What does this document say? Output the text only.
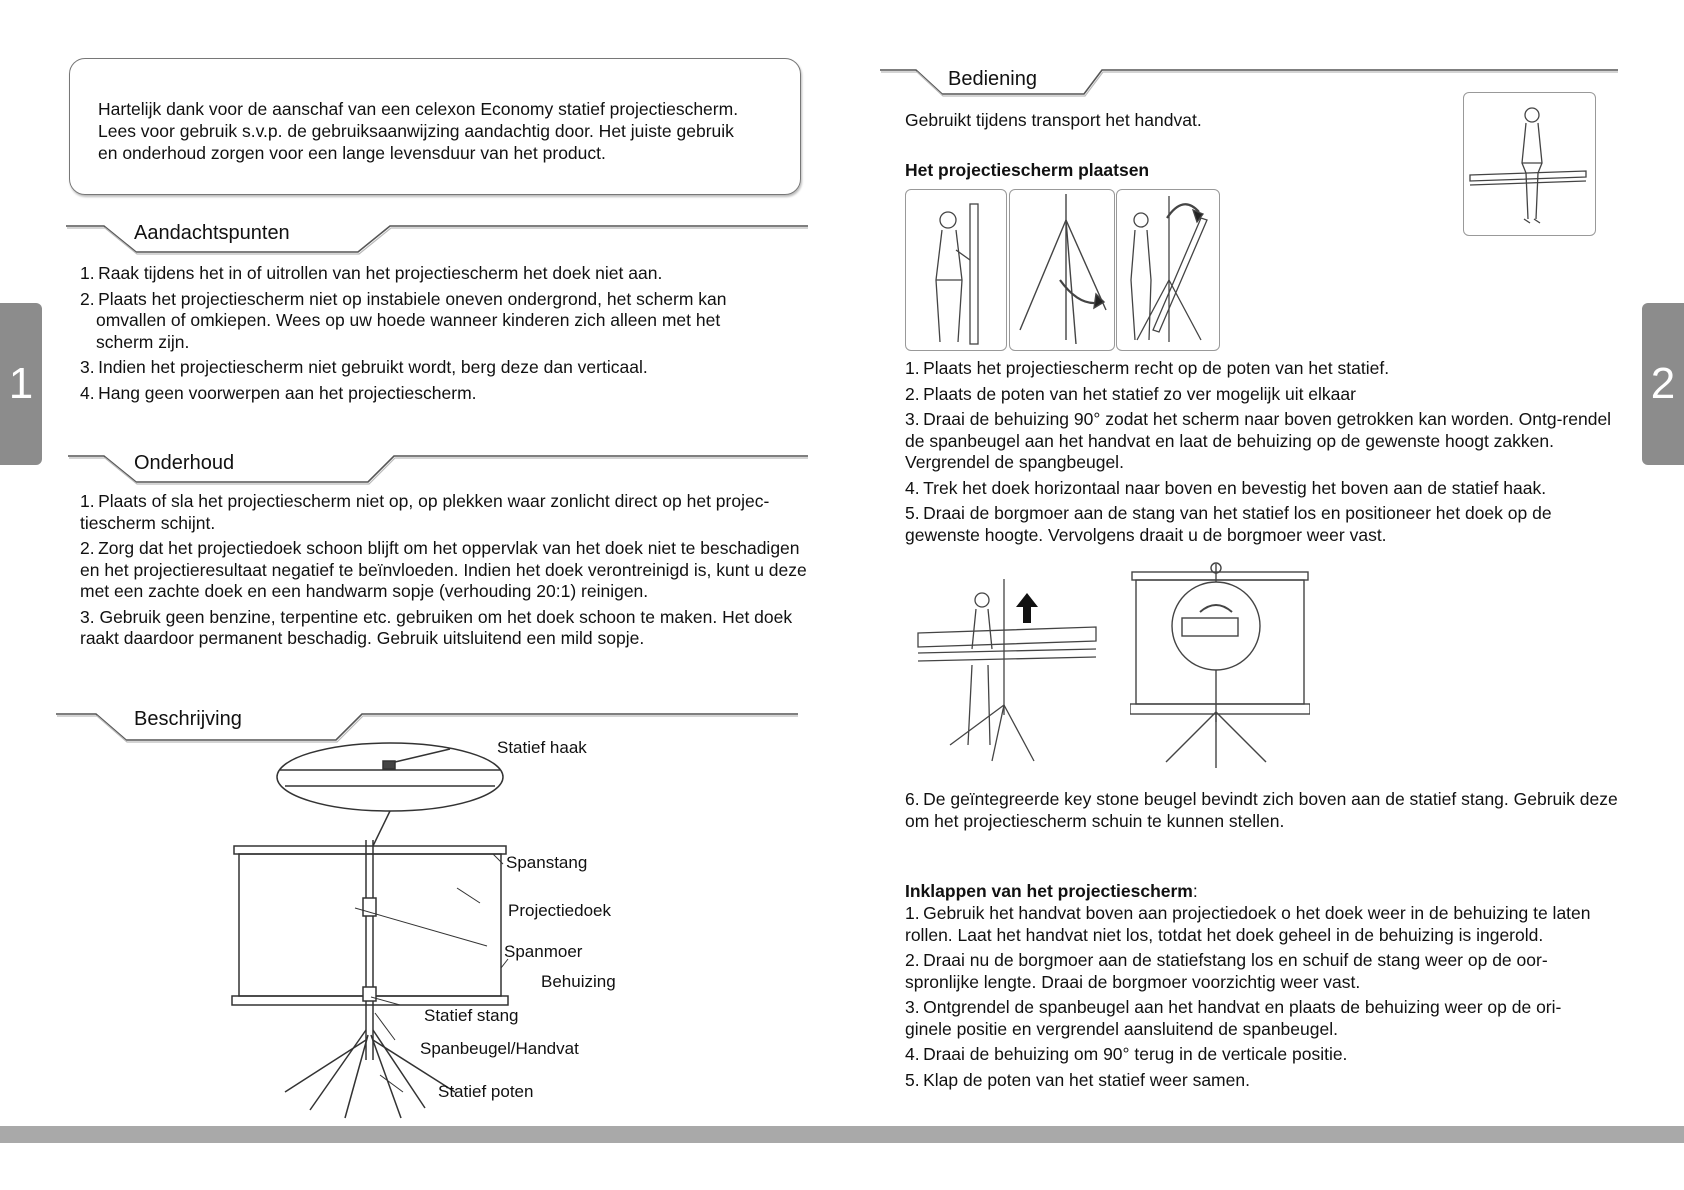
Hartelijk dank voor de aanschaf van een celexon Economy statief projectiescherm.
Lees voor gebruik s.v.p. de gebruiksaanwijzing aandachtig door. Het juiste gebruik
en onderhoud zorgen voor een lange levensduur van het product.
Aandachtspunten
1. Raak tijdens het in of uitrollen van het projectiescherm het doek niet aan.
2. Plaats het projectiescherm niet op instabiele oneven ondergrond, het scherm kan omvallen of omkiepen. Wees op uw hoede wanneer kinderen zich alleen met het scherm zijn.
3. Indien het projectiescherm niet gebruikt wordt, berg deze dan verticaal.
4. Hang geen voorwerpen aan het projectiescherm.
Onderhoud
1. Plaats of sla het projectiescherm niet op, op plekken waar zonlicht direct op het projec-tiescherm schijnt.
2. Zorg dat het projectiedoek schoon blijft om het oppervlak van het doek niet te beschadigen en het projectieresultaat negatief te beïnvloeden. Indien het doek verontreinigd is, kunt u deze met een zachte doek en een handwarm sopje (verhouding 20:1) reinigen.
3. Gebruik geen benzine, terpentine etc. gebruiken om het doek schoon te maken. Het doek raakt daardoor permanent beschadig. Gebruik uitsluitend een mild sopje.
Beschrijving
Statief haak
Spanstang
Projectiedoek
Spanmoer
Behuizing
Statief stang
Spanbeugel/Handvat
Statief poten
1	2
Bediening
Gebruikt tijdens transport het handvat.
Het projectiescherm plaatsen
1. Plaats het projectiescherm recht op de poten van het statief.
2. Plaats de poten van het statief zo ver mogelijk uit elkaar
3. Draai de behuizing 90° zodat het scherm naar boven getrokken kan worden. Ontg-rendel de spanbeugel aan het handvat en laat de behuizing op de gewenste hoogt zakken. Vergrendel de spangbeugel.
4. Trek het doek horizontaal naar boven en bevestig het boven aan de statief haak.
5. Draai de borgmoer aan de stang van het statief los en positioneer het doek op de gewenste hoogte. Vervolgens draait u de borgmoer weer vast.
6. De geïntegreerde key stone beugel bevindt zich boven aan de statief stang. Gebruik deze om het projectiescherm schuin te kunnen stellen.
Inklappen van het projectiescherm:
1. Gebruik het handvat boven aan projectiedoek o het doek weer in de behuizing te laten rollen. Laat het handvat niet los, totdat het doek geheel in de behuizing is ingerold.
2. Draai nu de borgmoer aan de statiefstang los en schuif de stang weer op de oor-spronlijke lengte. Draai de borgmoer voorzichtig weer vast.
3. Ontgrendel de spanbeugel aan het handvat en plaats de behuizing weer op de ori-ginele positie en vergrendel aansluitend de spanbeugel.
4. Draai de behuizing om 90° terug in de verticale positie.
5. Klap de poten van het statief weer samen.
